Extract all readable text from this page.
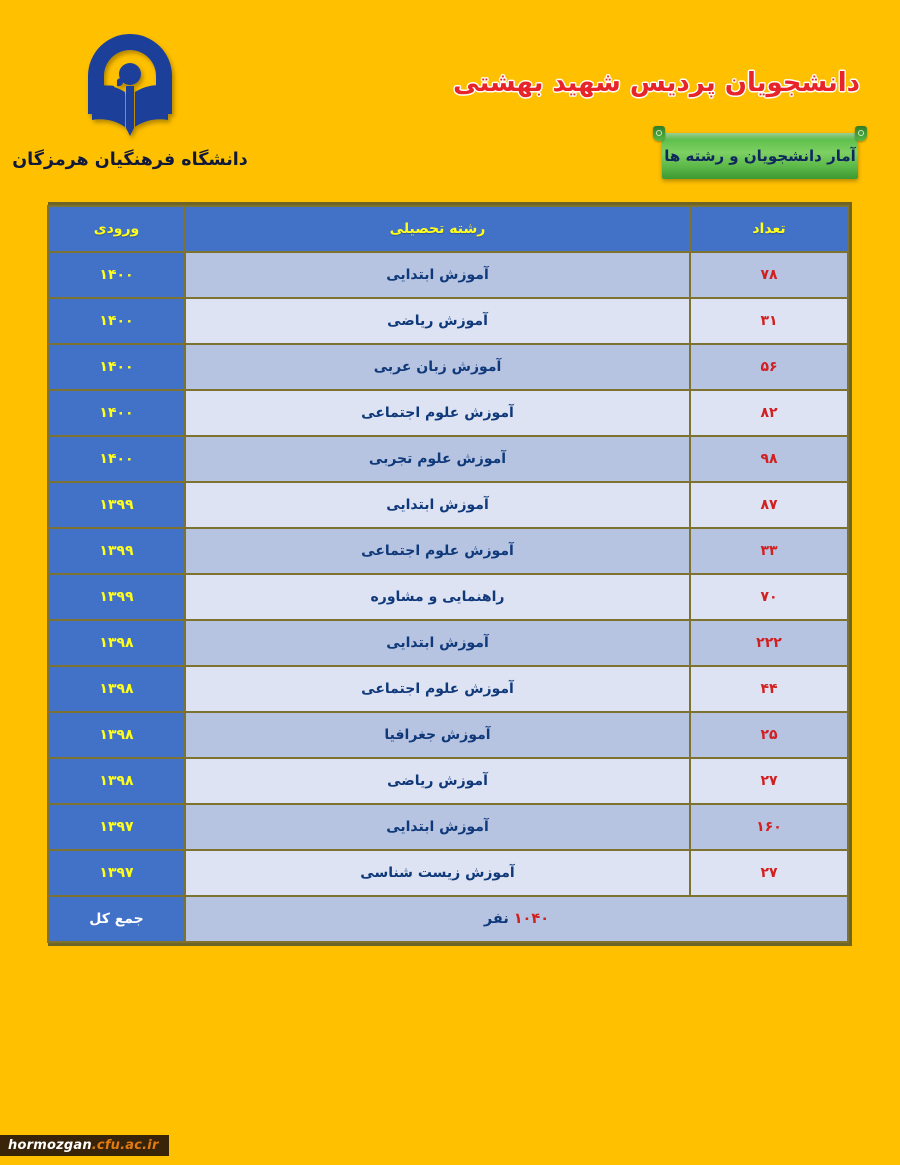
دانشگاه فرهنگیان هرمزگان
دانشجویان پردیس شهید بهشتی
آمار دانشجویان و رشته ها
تعداد	رشته تحصیلی	ورودی
۷۸	آموزش ابتدایی	۱۴۰۰
۳۱	آموزش ریاضی	۱۴۰۰
۵۶	آموزش زبان عربی	۱۴۰۰
۸۲	آموزش علوم اجتماعی	۱۴۰۰
۹۸	آموزش علوم تجربی	۱۴۰۰
۸۷	آموزش ابتدایی	۱۳۹۹
۳۳	آموزش علوم اجتماعی	۱۳۹۹
۷۰	راهنمایی و مشاوره	۱۳۹۹
۲۲۲	آموزش ابتدایی	۱۳۹۸
۴۴	آموزش علوم اجتماعی	۱۳۹۸
۲۵	آموزش جغرافیا	۱۳۹۸
۲۷	آموزش ریاضی	۱۳۹۸
۱۶۰	آموزش ابتدایی	۱۳۹۷
۲۷	آموزش زیست شناسی	۱۳۹۷
۱۰۴۰ نفر		جمع کل
hormozgan.cfu.ac.ir
